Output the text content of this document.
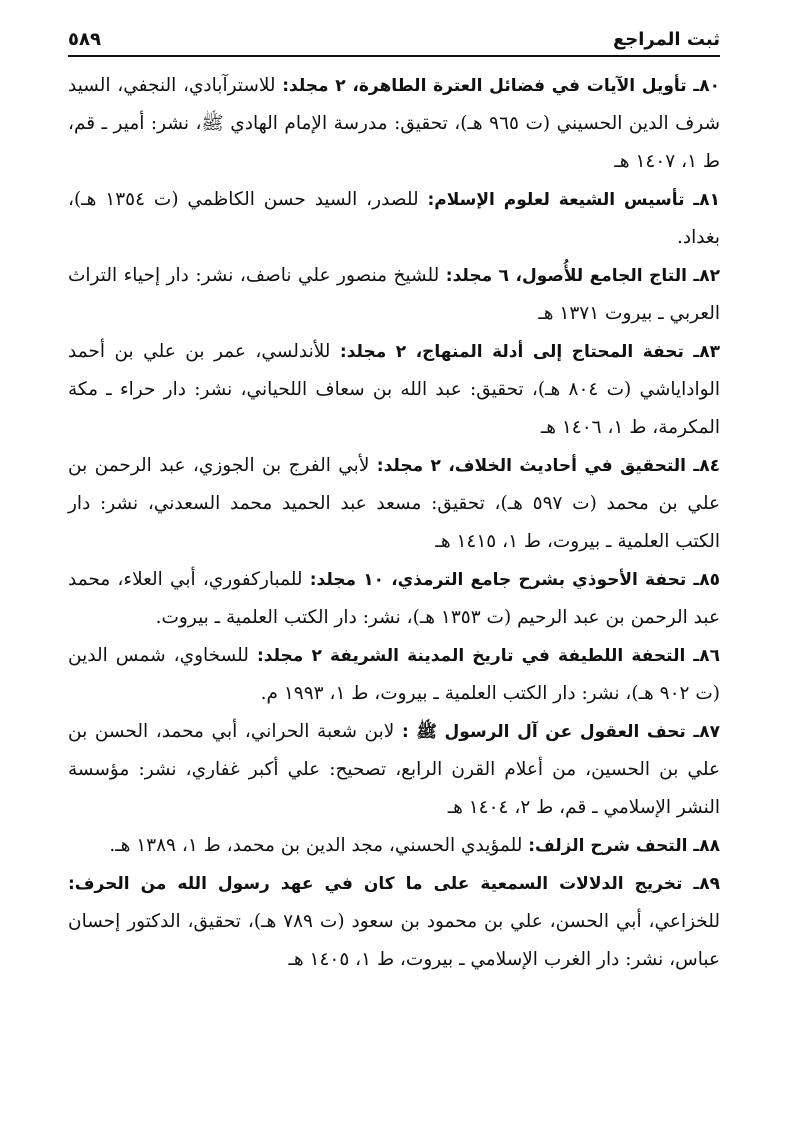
ثبت المراجع
٥٨٩

٨٠ـ تأويل الآيات في فضائل العترة الطاهرة، ٢ مجلد: للاسترآبادي، النجفي، السيد شرف الدين الحسيني (ت ٩٦٥ هـ)، تحقيق: مدرسة الإمام الهادي ﷺ، نشر: أمير ـ قم، ط ١، ١٤٠٧ هـ

٨١ـ تأسيس الشيعة لعلوم الإسلام: للصدر، السيد حسن الكاظمي (ت ١٣٥٤ هـ)، بغداد.

٨٢ـ التاج الجامع للأُصول، ٦ مجلد: للشيخ منصور علي ناصف، نشر: دار إحياء التراث العربي ـ بيروت ١٣٧١ هـ

٨٣ـ تحفة المحتاج إلى أدلة المنهاج، ٢ مجلد: للأندلسي، عمر بن علي بن أحمد الواداياشي (ت ٨٠٤ هـ)، تحقيق: عبد الله بن سعاف اللحياني، نشر: دار حراء ـ مكة المكرمة، ط ١، ١٤٠٦ هـ

٨٤ـ التحقيق في أحاديث الخلاف، ٢ مجلد: لأبي الفرج بن الجوزي، عبد الرحمن بن علي بن محمد (ت ٥٩٧ هـ)، تحقيق: مسعد عبد الحميد محمد السعدني، نشر: دار الكتب العلمية ـ بيروت، ط ١، ١٤١٥ هـ

٨٥ـ تحفة الأحوذي بشرح جامع الترمذي، ١٠ مجلد: للمباركفوري، أبي العلاء، محمد عبد الرحمن بن عبد الرحيم (ت ١٣٥٣ هـ)، نشر: دار الكتب العلمية ـ بيروت.

٨٦ـ التحفة اللطيفة في تاريخ المدينة الشريفة ٢ مجلد: للسخاوي، شمس الدين (ت ٩٠٢ هـ)، نشر: دار الكتب العلمية ـ بيروت، ط ١، ١٩٩٣ م.

٨٧ـ تحف العقول عن آل الرسول ﷺ : لابن شعبة الحراني، أبي محمد، الحسن بن علي بن الحسين، من أعلام القرن الرابع، تصحيح: علي أكبر غفاري، نشر: مؤسسة النشر الإسلامي ـ قم، ط ٢، ١٤٠٤ هـ

٨٨ـ التحف شرح الزلف: للمؤيدي الحسني، مجد الدين بن محمد، ط ١، ١٣٨٩ هـ.

٨٩ـ تخريج الدلالات السمعية على ما كان في عهد رسول الله من الحرف: للخزاعي، أبي الحسن، علي بن محمود بن سعود (ت ٧٨٩ هـ)، تحقيق، الدكتور إحسان عباس، نشر: دار الغرب الإسلامي ـ بيروت، ط ١، ١٤٠٥ هـ
